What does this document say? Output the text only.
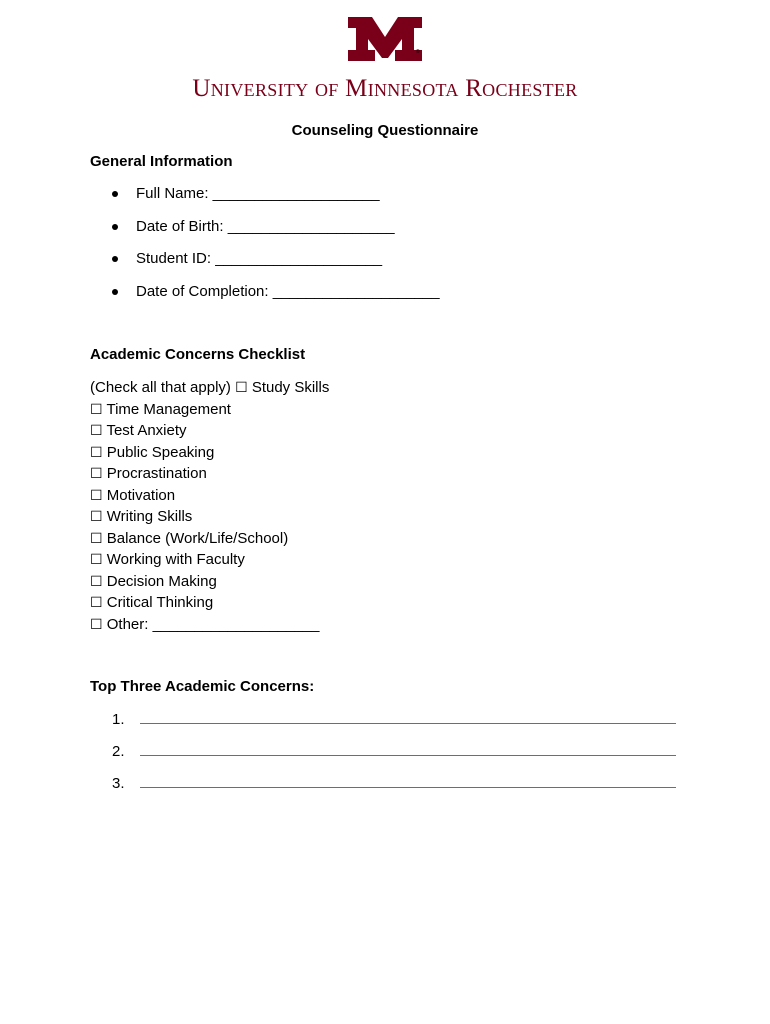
®
University of Minnesota Rochester
Counseling Questionnaire
General Information
Full Name: ____________________
Date of Birth: ____________________
Student ID: ____________________
Date of Completion: ____________________
Academic Concerns Checklist
(Check all that apply) ☐ Study Skills
☐ Time Management
☐ Test Anxiety
☐ Public Speaking
☐ Procrastination
☐ Motivation
☐ Writing Skills
☐ Balance (Work/Life/School)
☐ Working with Faculty
☐ Decision Making
☐ Critical Thinking
☐ Other: ____________________
Top Three Academic Concerns:
1.
2.
3.
